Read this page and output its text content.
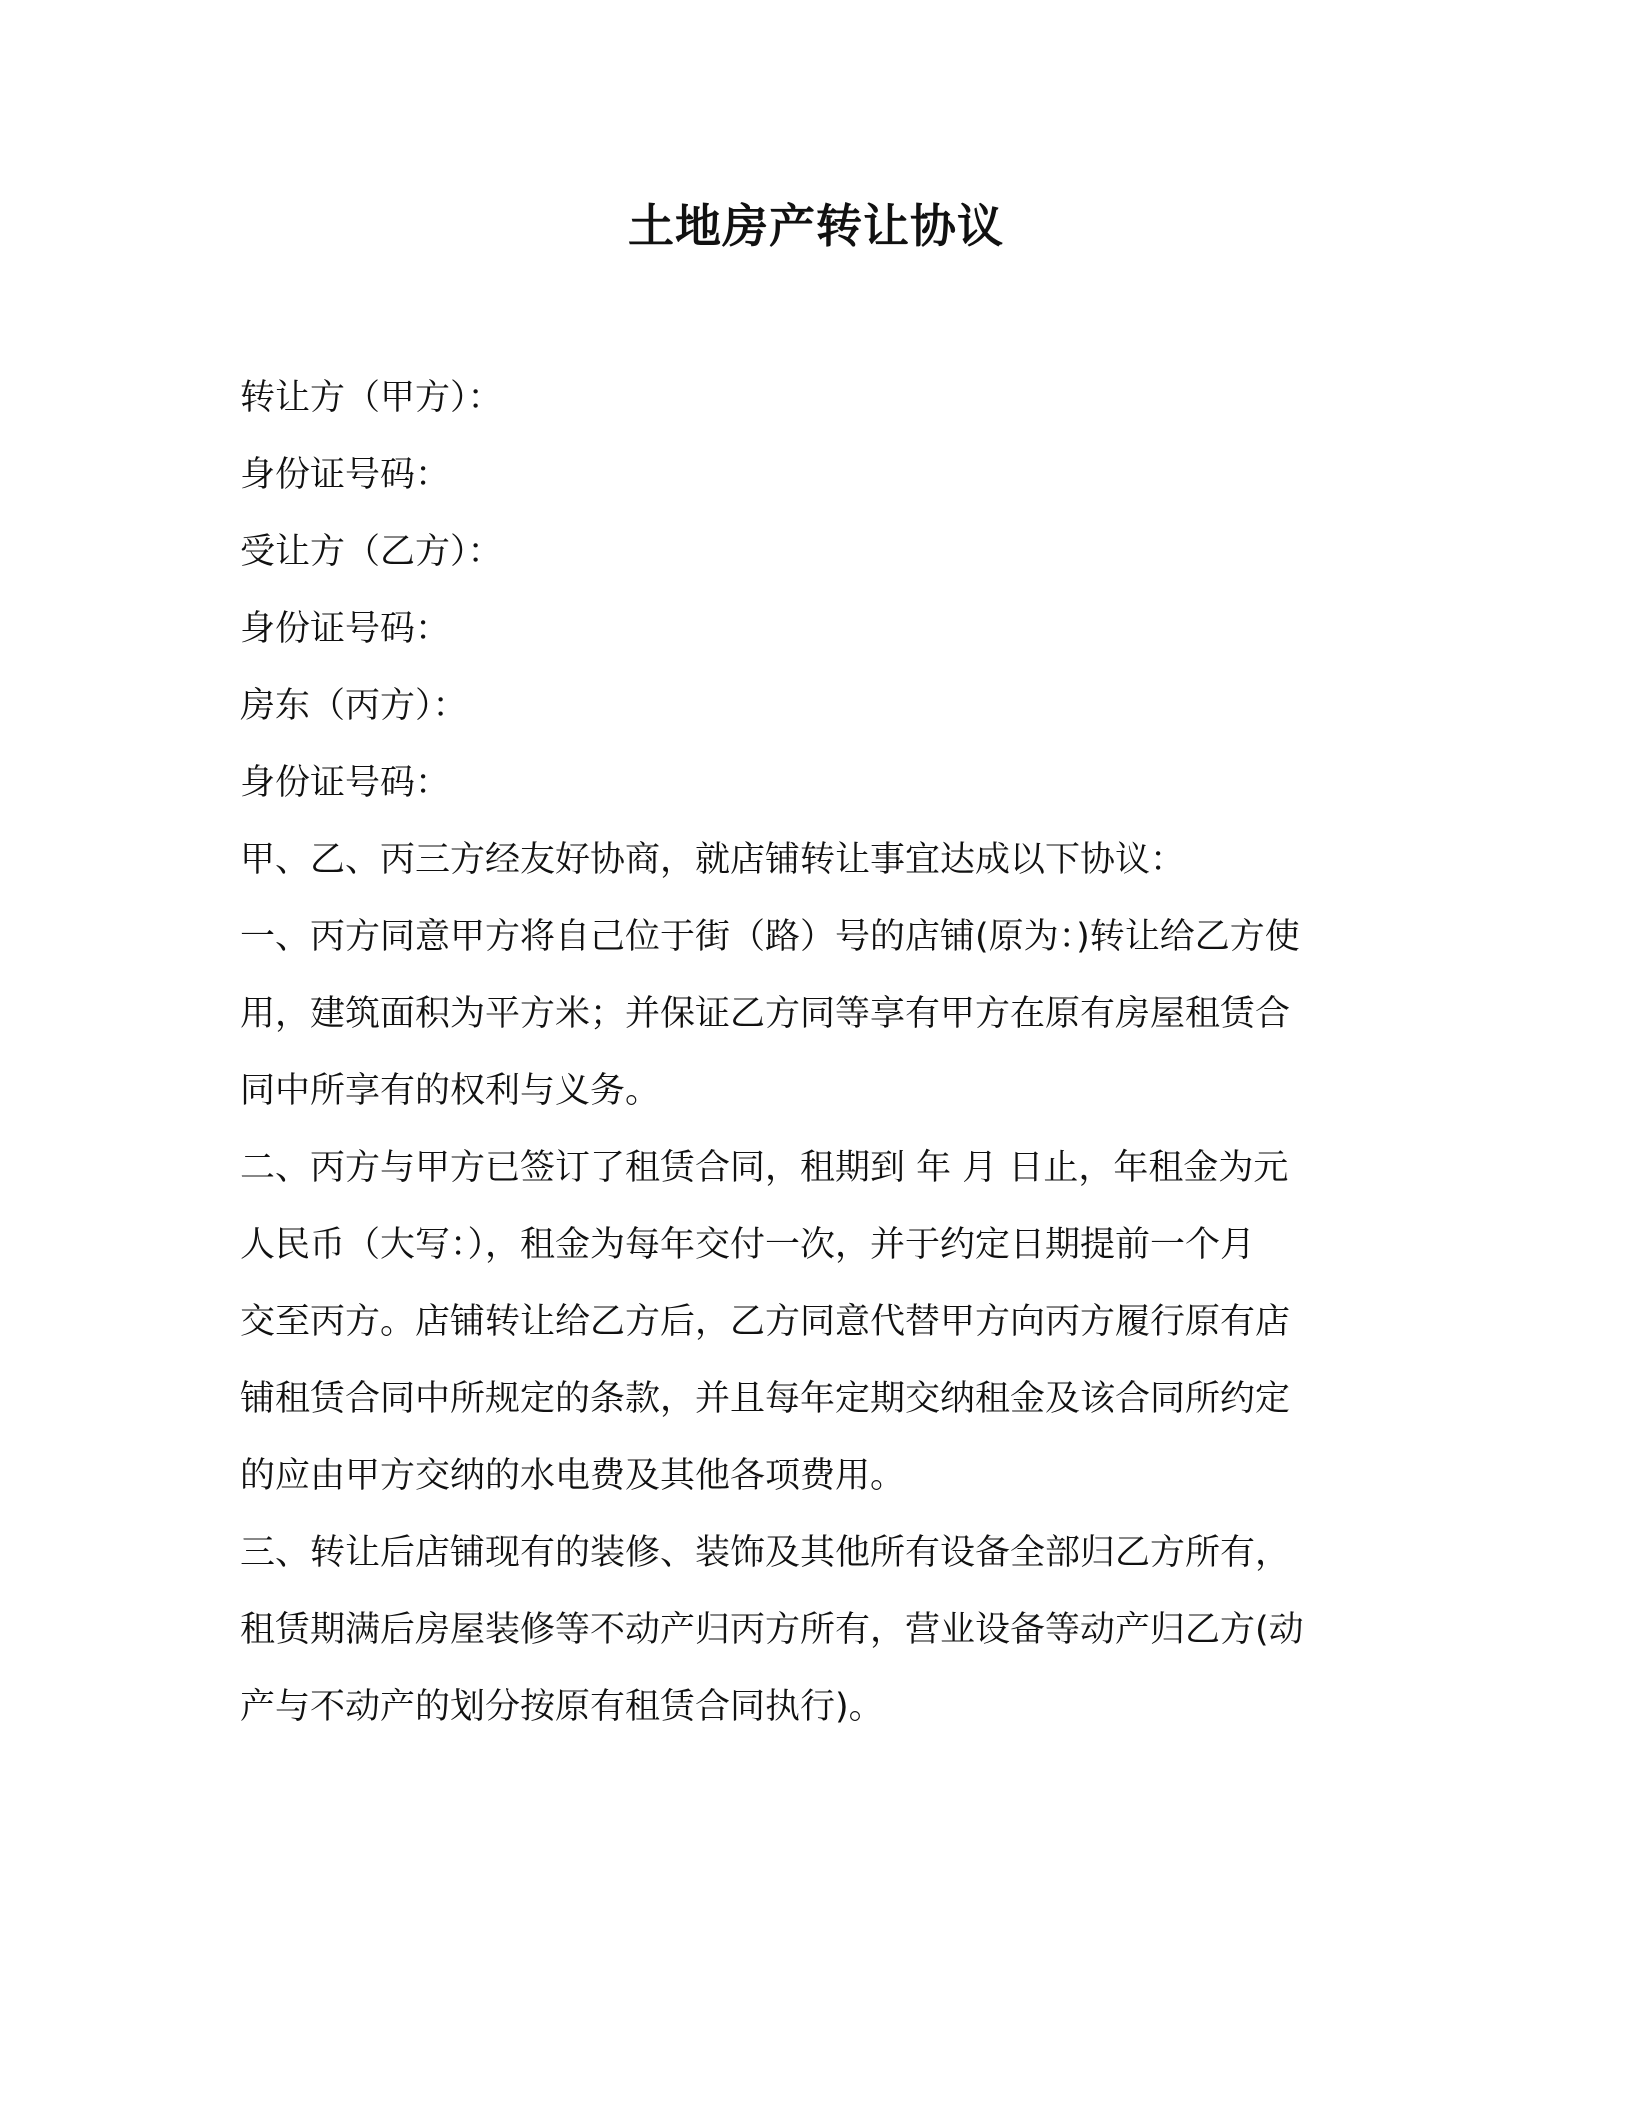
土地房产转让协议

转让方（甲方）：

身份证号码：

受让方（乙方）：

身份证号码：

房东（丙方）：

身份证号码：

甲、乙、丙三方经友好协商，就店铺转让事宜达成以下协议：

一、丙方同意甲方将自己位于街（路）号的店铺(原为：)转让给乙方使

用，建筑面积为平方米；并保证乙方同等享有甲方在原有房屋租赁合

同中所享有的权利与义务。

二、丙方与甲方已签订了租赁合同，租期到 年 月 日止，年租金为元

人民币（大写：），租金为每年交付一次，并于约定日期提前一个月

交至丙方。店铺转让给乙方后，乙方同意代替甲方向丙方履行原有店

铺租赁合同中所规定的条款，并且每年定期交纳租金及该合同所约定

的应由甲方交纳的水电费及其他各项费用。

三、转让后店铺现有的装修、装饰及其他所有设备全部归乙方所有，

租赁期满后房屋装修等不动产归丙方所有，营业设备等动产归乙方(动

产与不动产的划分按原有租赁合同执行)。
